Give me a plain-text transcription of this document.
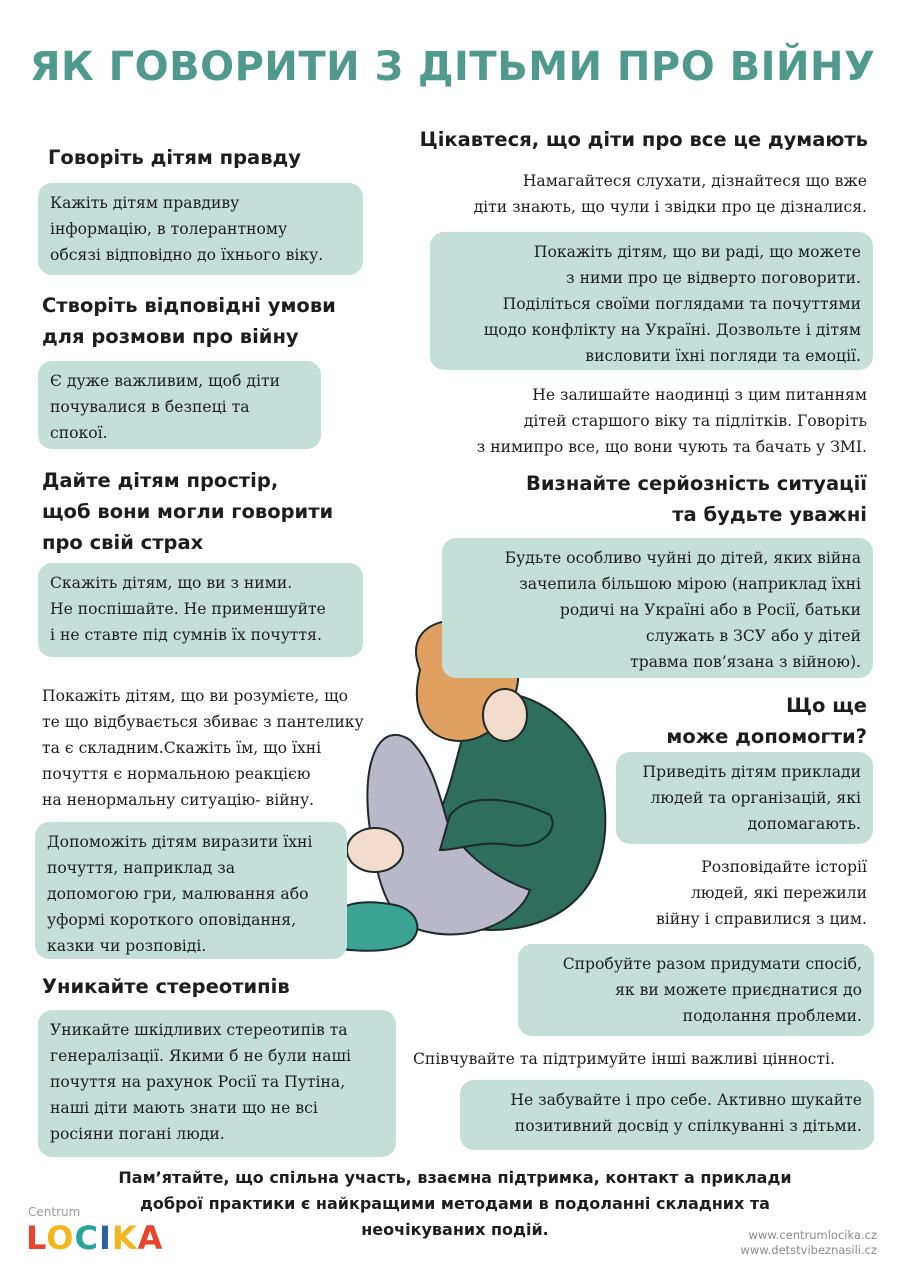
ЯК ГОВОРИТИ З ДІТЬМИ ПРО ВІЙНУ
Говоріть дітям правду
Кажіть дітям правдиву
інформацію, в толерантному
обсязі відповідно до їхнього віку.
Створіть відповідні умови
для розмови про війну
Є дуже важливим, щоб діти
почувалися в безпеці та
спокої.
Дайте дітям простір,
щоб вони могли говорити
про свій страх
Скажіть дітям, що ви з ними.
Не поспішайте. Не применшуйте
і не ставте під сумнів їх почуття.
Покажіть дітям, що ви розумієте, що
те що відбувається збиває з пантелику
та є складним.Скажіть їм, що їхні
почуття є нормальною реакцією
на ненормальну ситуацію- війну.
Допоможіть дітям виразити їхні
почуття, наприклад за
допомогою гри, малювання або
уформі короткого оповідання,
казки чи розповіді.
Уникайте стереотипів
Уникайте шкідливих стереотипів та
генералізації. Якими б не були наші
почуття на рахунок Росії та Путіна,
наші діти мають знати що не всі
росіяни погані люди.
Цікавтеся, що діти про все це думають
Намагайтеся слухати, дізнайтеся що вже
діти знають, що чули і звідки про це дізналися.
Покажіть дітям, що ви раді, що можете
з ними про це відверто поговорити.
Поділіться своїми поглядами та почуттями
щодо конфлікту на Україні. Дозвольте і дітям
висловити їхні погляди та емоції.
Не залишайте наодинці з цим питанням
дітей старшого віку та підлітків. Говоріть
з нимипро все, що вони чують та бачать у ЗМІ.
Визнайте серйозність ситуації
та будьте уважні
Будьте особливо чуйні до дітей, яких війна
зачепила більшою мірою (наприклад їхні
родичі на Україні або в Росії, батьки
служать в ЗСУ або у дітей
травма пов’язана з війною).
Що ще
може допомогти?
Приведіть дітям приклади
людей та організацій, які
допомагають.
Розповідайте історії
людей, які пережили
війну і справилися з цим.
Спробуйте разом придумати спосіб,
як ви можете приєднатися до
подолання проблеми.
Співчувайте та підтримуйте інші важливі цінності.
Не забувайте і про себе. Активно шукайте
позитивний досвід у спілкуванні з дітьми.
Пам’ятайте, що спільна участь, взаємна підтримка, контакт а приклади
доброї практики є найкращими методами в подоланні складних та
неочікуваних подій.
Centrum
LOCIKA	www.centrumlocika.cz
www.detstvibeznasili.cz
